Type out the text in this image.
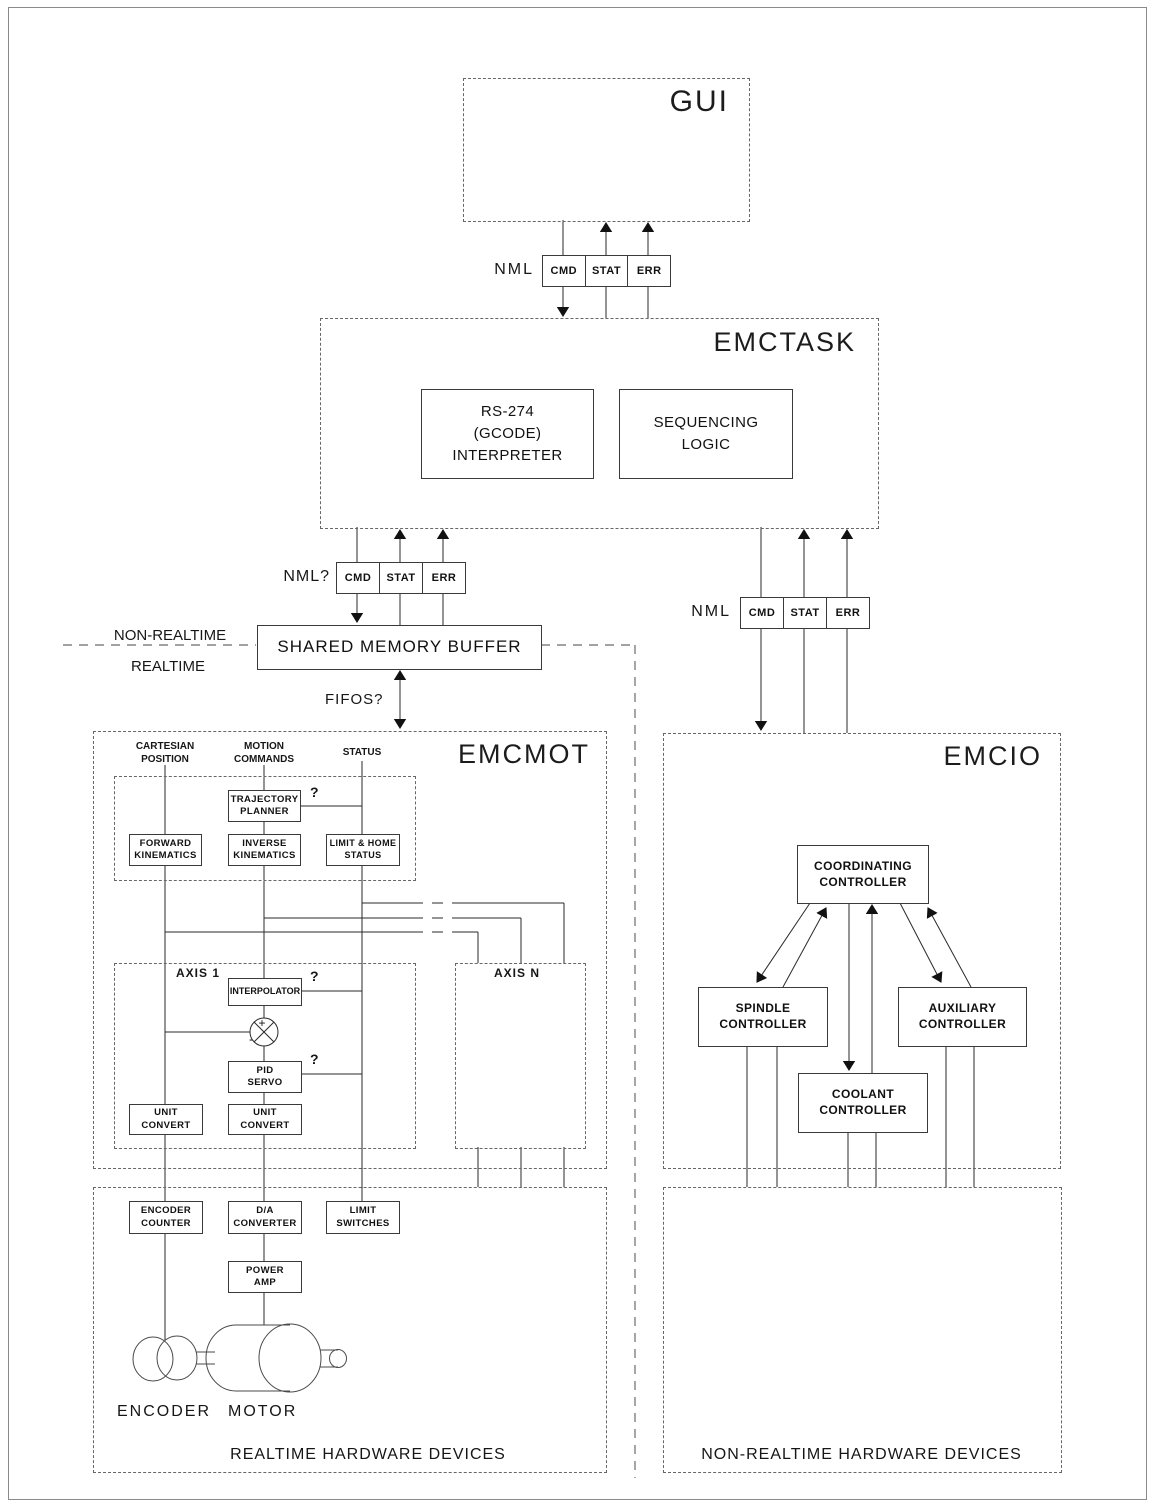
+
-
GUI
NML	CMD	STAT	ERR
EMCTASK
RS-274
(GCODE)
INTERPRETER
SEQUENCING
LOGIC
NML?	CMD	STAT	ERR
NML	CMD	STAT	ERR
SHARED MEMORY BUFFER
NON-REALTIME
REALTIME
FIFOS?
EMCMOT
CARTESIAN
POSITION
MOTION
COMMANDS
STATUS
TRAJECTORY
PLANNER
?
FORWARD
KINEMATICS
INVERSE
KINEMATICS
LIMIT & HOME
STATUS
AXIS 1	AXIS N
INTERPOLATOR
?
PID
SERVO
?
UNIT
CONVERT
UNIT
CONVERT
EMCIO
COORDINATING
CONTROLLER
SPINDLE
CONTROLLER
AUXILIARY
CONTROLLER
COOLANT
CONTROLLER
ENCODER
COUNTER
D/A
CONVERTER
LIMIT
SWITCHES
POWER
AMP
ENCODER MOTOR
REALTIME HARDWARE DEVICES	NON-REALTIME HARDWARE DEVICES
